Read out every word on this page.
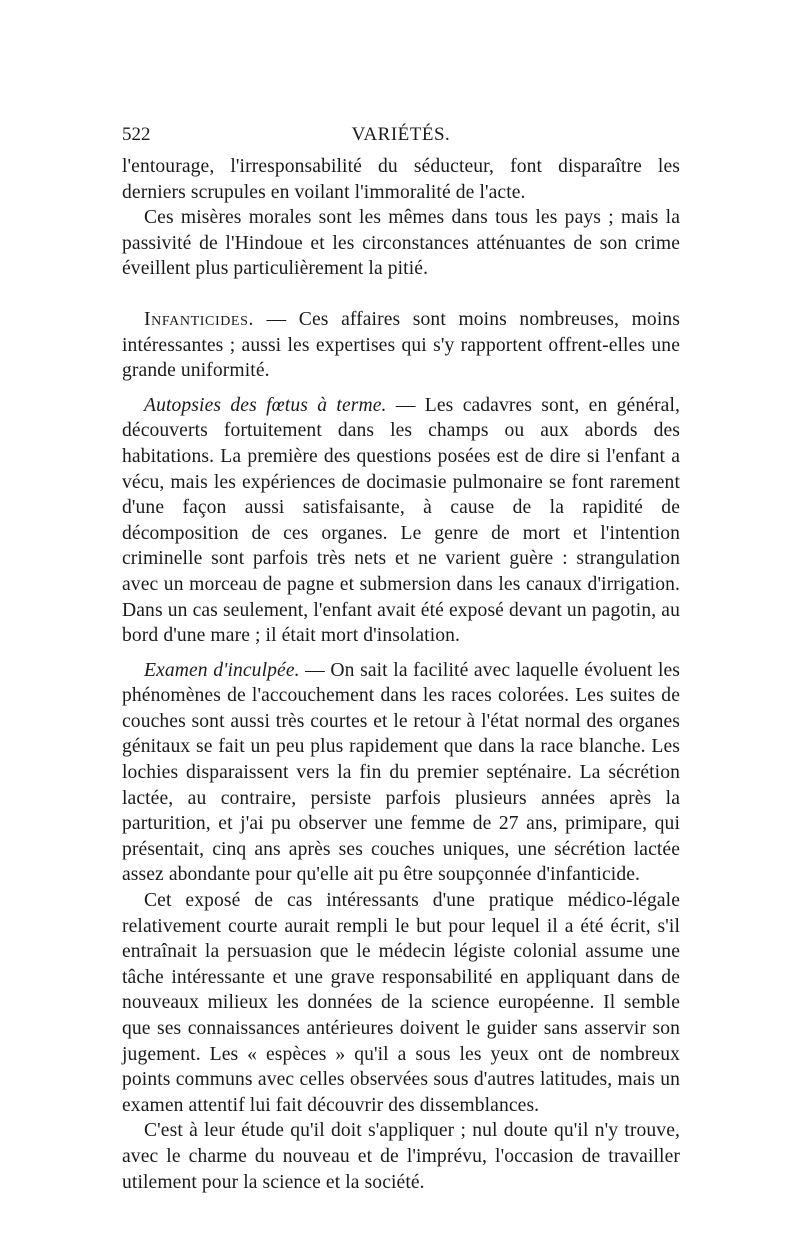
522	VARIÉTÉS.

l'entourage, l'irresponsabilité du séducteur, font disparaître les derniers scrupules en voilant l'immoralité de l'acte.

Ces misères morales sont les mêmes dans tous les pays ; mais la passivité de l'Hindoue et les circonstances atténuantes de son crime éveillent plus particulièrement la pitié.

Infanticides. — Ces affaires sont moins nombreuses, moins intéressantes ; aussi les expertises qui s'y rapportent offrent-elles une grande uniformité.

Autopsies des fœtus à terme. — Les cadavres sont, en général, découverts fortuitement dans les champs ou aux abords des habitations. La première des questions posées est de dire si l'enfant a vécu, mais les expériences de docimasie pulmonaire se font rarement d'une façon aussi satisfaisante, à cause de la rapidité de décomposition de ces organes. Le genre de mort et l'intention criminelle sont parfois très nets et ne varient guère : strangulation avec un morceau de pagne et submersion dans les canaux d'irrigation. Dans un cas seulement, l'enfant avait été exposé devant un pagotin, au bord d'une mare ; il était mort d'insolation.

Examen d'inculpée. — On sait la facilité avec laquelle évoluent les phénomènes de l'accouchement dans les races colorées. Les suites de couches sont aussi très courtes et le retour à l'état normal des organes génitaux se fait un peu plus rapidement que dans la race blanche. Les lochies disparaissent vers la fin du premier septénaire. La sécrétion lactée, au contraire, persiste parfois plusieurs années après la parturition, et j'ai pu observer une femme de 27 ans, primipare, qui présentait, cinq ans après ses couches uniques, une sécrétion lactée assez abondante pour qu'elle ait pu être soupçonnée d'infanticide.

Cet exposé de cas intéressants d'une pratique médico-légale relativement courte aurait rempli le but pour lequel il a été écrit, s'il entraînait la persuasion que le médecin légiste colonial assume une tâche intéressante et une grave responsabilité en appliquant dans de nouveaux milieux les données de la science européenne. Il semble que ses connaissances antérieures doivent le guider sans asservir son jugement. Les « espèces » qu'il a sous les yeux ont de nombreux points communs avec celles observées sous d'autres latitudes, mais un examen attentif lui fait découvrir des dissemblances.

C'est à leur étude qu'il doit s'appliquer ; nul doute qu'il n'y trouve, avec le charme du nouveau et de l'imprévu, l'occasion de travailler utilement pour la science et la société.
